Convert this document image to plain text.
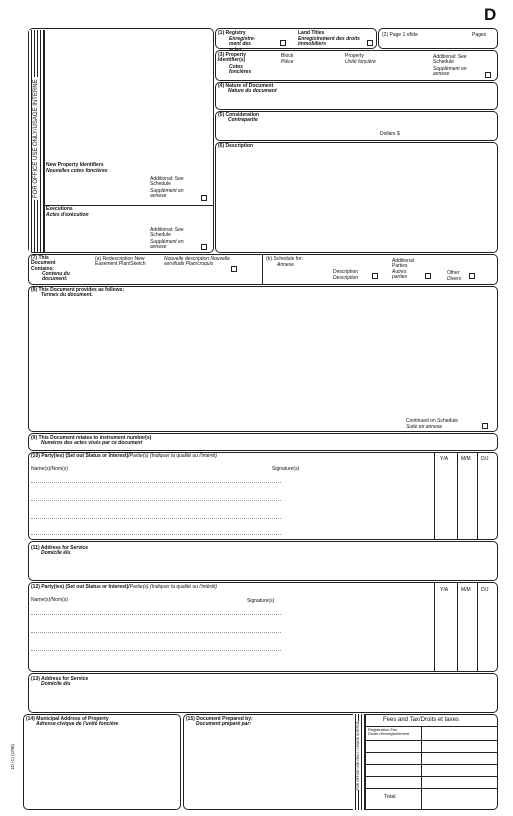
D
FOR OFFICE USE ONLY/USAGE INTERNE New Property Identifiers
Nouvelles cotes foncières
Additional: See Schedule
Supplément en annexe
Executions
Actes d'exécution
Additional: See Schedule
Supplément en annexe
(1) Registry
Enregistre-ment des actes
Land Titles
Enregistrement des droits immobiliers
(2) Page 1 of/de	Pages
(3) Property Identifier(s)
Cotes foncières
Block
Pièce
Property
Unité foncière
Additional: See Schedule
Supplément en annexe
(4) Nature of Document
Nature du document
(5) Consideration
Contrepartie
Dollars $
(6) Description
(7) This Document Contains:
Contenu du document:
(a) Redescription New Easement Plan/Sketch
Nouvelle description Nouvelle servitude Plan/croquis
(b) Schedule for:
Annexe
Description
Description
Additional Parties
Autres parties
Other
Divers
(8) This Document provides as follows:
Termes du document.
Continued on Schedule
Suite en annexe
(9) This Document relates to instrument number(s)
Numéros des actes visés par ce document
(10) Party(ies) (Set out Status or Interest)/Partie(s) (Indiquer la qualité ou l'intérêt)
Name(s)/Nom(s)	Signature(s)
Y/A	M/M D/J
(11) Address for Service
Domicile élu
(12) Party(ies) (Set out Status or Interest)/Partie(s) (Indiquer la qualité ou l'intérêt)
Name(s)/Nom(s)	Signature(s)
Y/A	M/M D/J
(13) Address for Service
Domicile élu
(14) Municipal Address of Property
Adresse civique de l'unité foncière
(15) Document Prepared by:
Document préparé par:	FOR OFFICE USE ONLY / USAGE INTERNE
Fees and Tax/Droits et taxes
Registration Fee
Droits d'enregistrement
Total
1D (1) (1/96)
